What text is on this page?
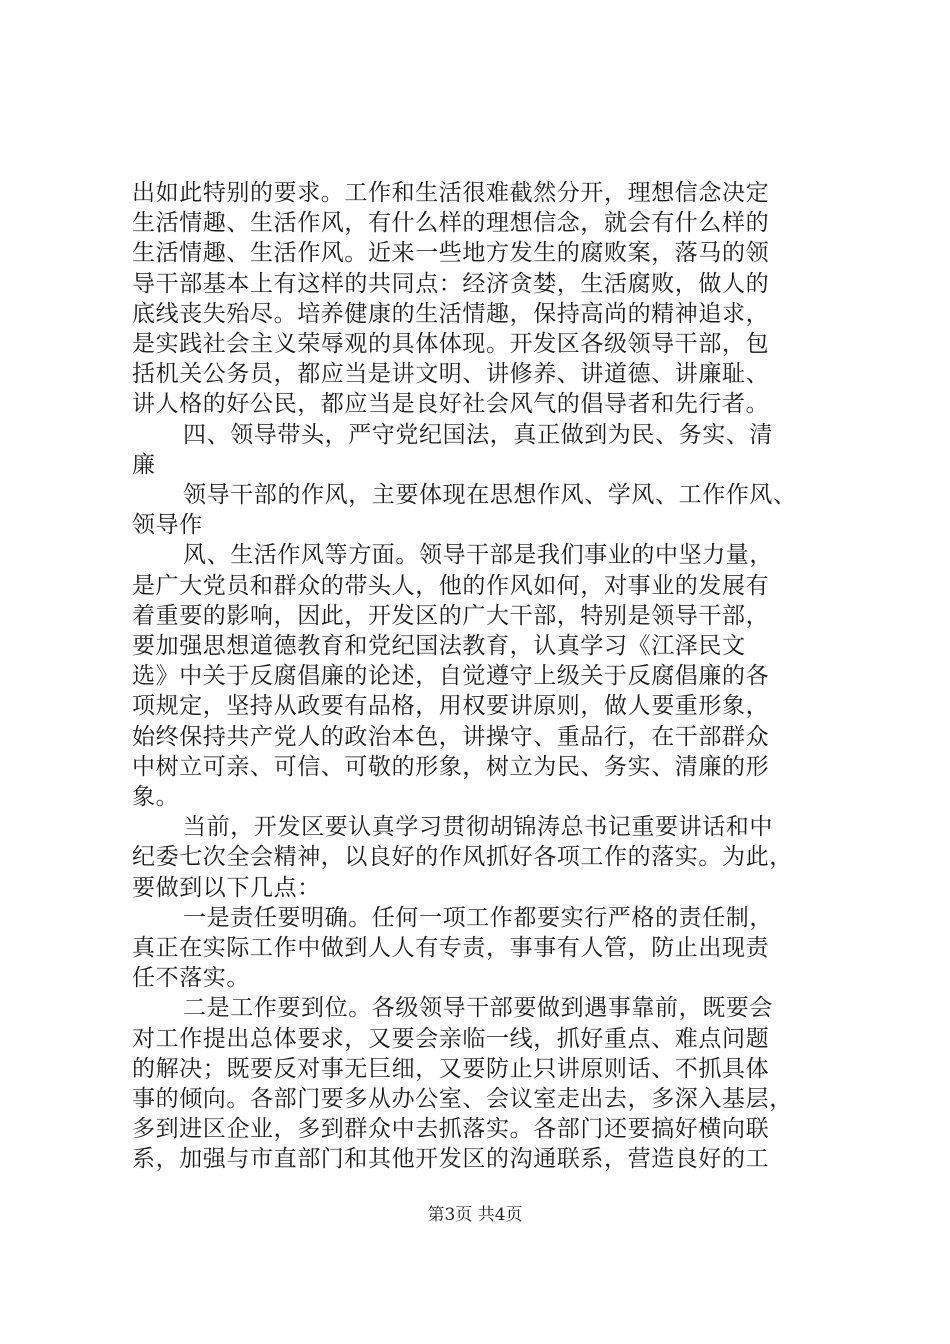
出如此特别的要求。工作和生活很难截然分开，理想信念决定
生活情趣、生活作风，有什么样的理想信念，就会有什么样的
生活情趣、生活作风。近来一些地方发生的腐败案，落马的领
导干部基本上有这样的共同点：经济贪婪，生活腐败，做人的
底线丧失殆尽。培养健康的生活情趣，保持高尚的精神追求，
是实践社会主义荣辱观的具体体现。开发区各级领导干部，包
括机关公务员，都应当是讲文明、讲修养、讲道德、讲廉耻、
讲人格的好公民，都应当是良好社会风气的倡导者和先行者。
四、领导带头，严守党纪国法，真正做到为民、务实、清
廉
领导干部的作风，主要体现在思想作风、学风、工作作风、
领导作
风、生活作风等方面。领导干部是我们事业的中坚力量，
是广大党员和群众的带头人，他的作风如何，对事业的发展有
着重要的影响，因此，开发区的广大干部，特别是领导干部，
要加强思想道德教育和党纪国法教育，认真学习《江泽民文
选》中关于反腐倡廉的论述，自觉遵守上级关于反腐倡廉的各
项规定，坚持从政要有品格，用权要讲原则，做人要重形象，
始终保持共产党人的政治本色，讲操守、重品行，在干部群众
中树立可亲、可信、可敬的形象，树立为民、务实、清廉的形
象。
当前，开发区要认真学习贯彻胡锦涛总书记重要讲话和中
纪委七次全会精神，以良好的作风抓好各项工作的落实。为此，
要做到以下几点：
一是责任要明确。任何一项工作都要实行严格的责任制，
真正在实际工作中做到人人有专责，事事有人管，防止出现责
任不落实。
二是工作要到位。各级领导干部要做到遇事靠前，既要会
对工作提出总体要求，又要会亲临一线，抓好重点、难点问题
的解决；既要反对事无巨细，又要防止只讲原则话、不抓具体
事的倾向。各部门要多从办公室、会议室走出去，多深入基层，
多到进区企业，多到群众中去抓落实。各部门还要搞好横向联
系，加强与市直部门和其他开发区的沟通联系，营造良好的工
第3页 共4页
